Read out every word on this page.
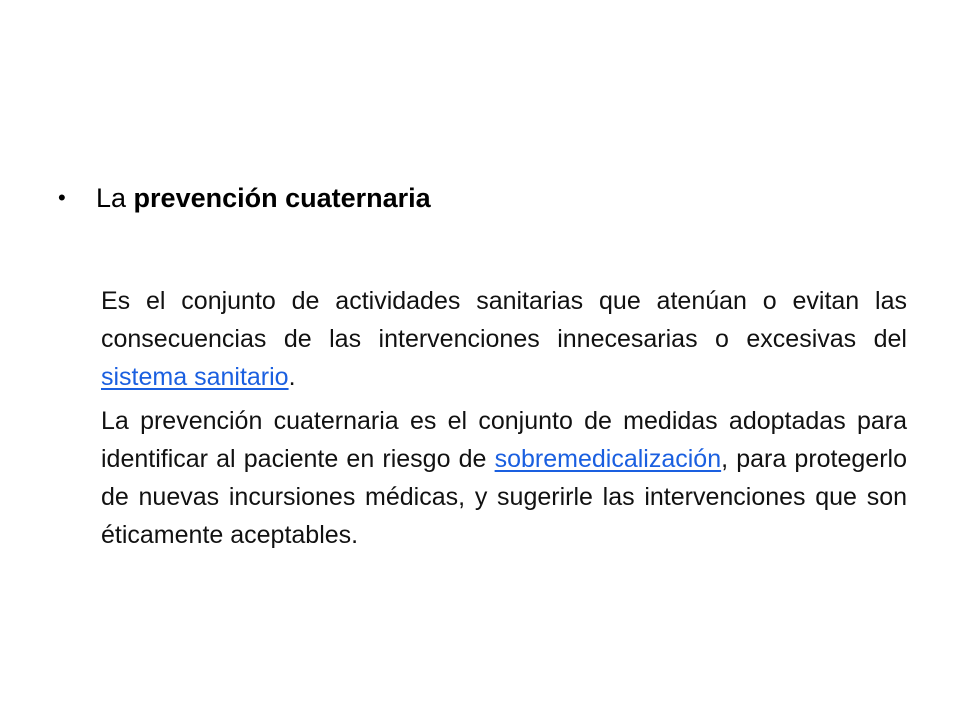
•	La prevención cuaternaria

Es el conjunto de actividades sanitarias que atenúan o evitan las consecuencias de las intervenciones innecesarias o excesivas del sistema sanitario.

La prevención cuaternaria es el conjunto de medidas adoptadas para identificar al paciente en riesgo de sobremedicalización, para protegerlo de nuevas incursiones médicas, y sugerirle las intervenciones que son éticamente aceptables.
